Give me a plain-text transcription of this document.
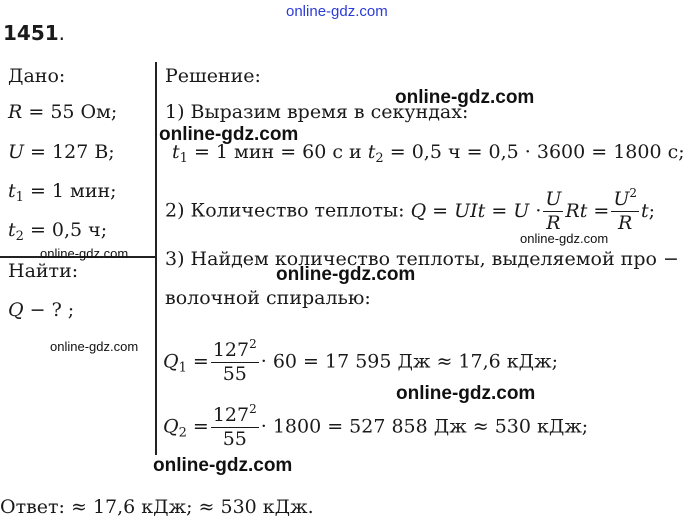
online-gdz.com
1451.
Дано:
R = 55 Ом;
U = 127 В;
$t_1 = 1$ мин;
$t_2 = 0,5$ ч;
Найти:
Q − ? ;
Решение:
1) Выразим время в секундах:
$t_1 = 1$ мин = 60 с и $t_2 = 0,5$ ч = 0,5 · 3600 = 1800 с;
2) Количество теплоты: Q = UIt = $U \cdot \frac{U}{R}$ $Rt = \frac{U^2}{R} t$;
3) Найдем количество теплоты, выделяемой про −
волочной спиралью:
$Q_1 = \frac{127^2}{55} \cdot 60 = 17$ 595 Дж ≈ 17,6 кДж;
$Q_2 = \frac{127^2}{55} \cdot 1800 = 527$ 858 Дж ≈ 530 кДж;
Ответ: ≈ 17,6 кДж; ≈ 530 кДж.
online-gdz.com
online-gdz.com
online-gdz.com
online-gdz.com
online-gdz.com
online-gdz.com
online-gdz.com
online-gdz.com
